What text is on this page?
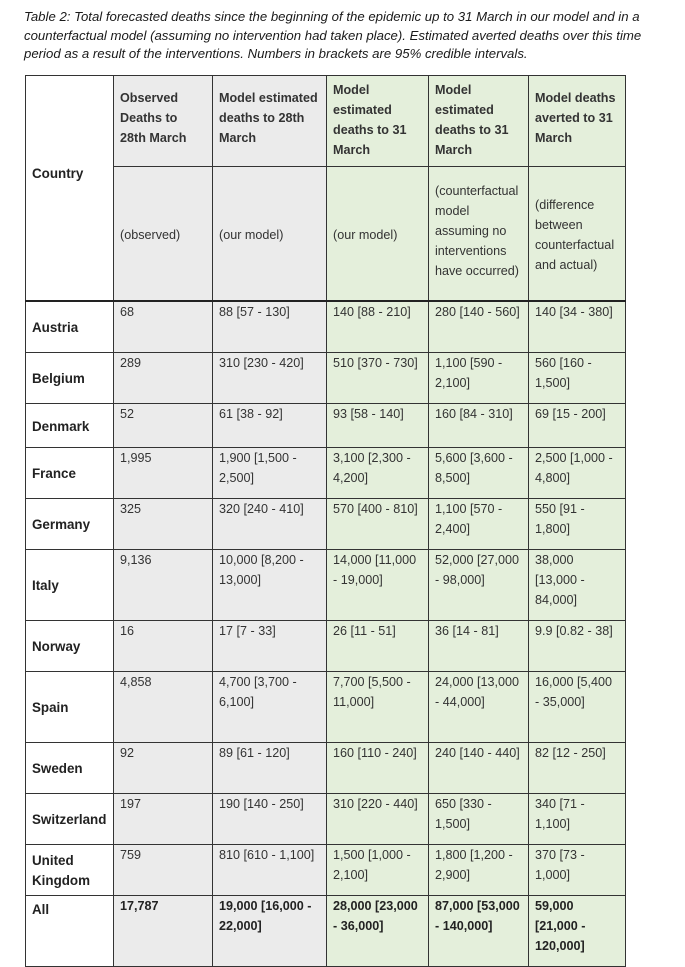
Table 2: Total forecasted deaths since the beginning of the epidemic up to 31 March in our model and in a counterfactual model (assuming no intervention had taken place). Estimated averted deaths over this time period as a result of the interventions. Numbers in brackets are 95% credible intervals.
Country	Observed Deaths to 28th March	Model estimated deaths to 28th March	Model estimated deaths to 31 March	Model estimated deaths to 31 March	Model deaths averted to 31 March
	(observed)	(our model)	(our model)	(counterfactual model assuming no interventions have occurred)	(difference between counterfactual and actual)
Austria	68	88 [57 - 130]	140 [88 - 210]	280 [140 - 560]	140 [34 - 380]
Belgium	289	310 [230 - 420]	510 [370 - 730]	1,100 [590 - 2,100]	560 [160 - 1,500]
Denmark	52	61 [38 - 92]	93 [58 - 140]	160 [84 - 310]	69 [15 - 200]
France	1,995	1,900 [1,500 - 2,500]	3,100 [2,300 - 4,200]	5,600 [3,600 - 8,500]	2,500 [1,000 - 4,800]
Germany	325	320 [240 - 410]	570 [400 - 810]	1,100 [570 - 2,400]	550 [91 - 1,800]
Italy	9,136	10,000 [8,200 - 13,000]	14,000 [11,000 - 19,000]	52,000 [27,000 - 98,000]	38,000 [13,000 - 84,000]
Norway	16	17 [7 - 33]	26 [11 - 51]	36 [14 - 81]	9.9 [0.82 - 38]
Spain	4,858	4,700 [3,700 - 6,100]	7,700 [5,500 - 11,000]	24,000 [13,000 - 44,000]	16,000 [5,400 - 35,000]
Sweden	92	89 [61 - 120]	160 [110 - 240]	240 [140 - 440]	82 [12 - 250]
Switzerland	197	190 [140 - 250]	310 [220 - 440]	650 [330 - 1,500]	340 [71 - 1,100]
United Kingdom	759	810 [610 - 1,100]	1,500 [1,000 - 2,100]	1,800 [1,200 - 2,900]	370 [73 - 1,000]
All	17,787	19,000 [16,000 - 22,000]	28,000 [23,000 - 36,000]	87,000 [53,000 - 140,000]	59,000 [21,000 - 120,000]
